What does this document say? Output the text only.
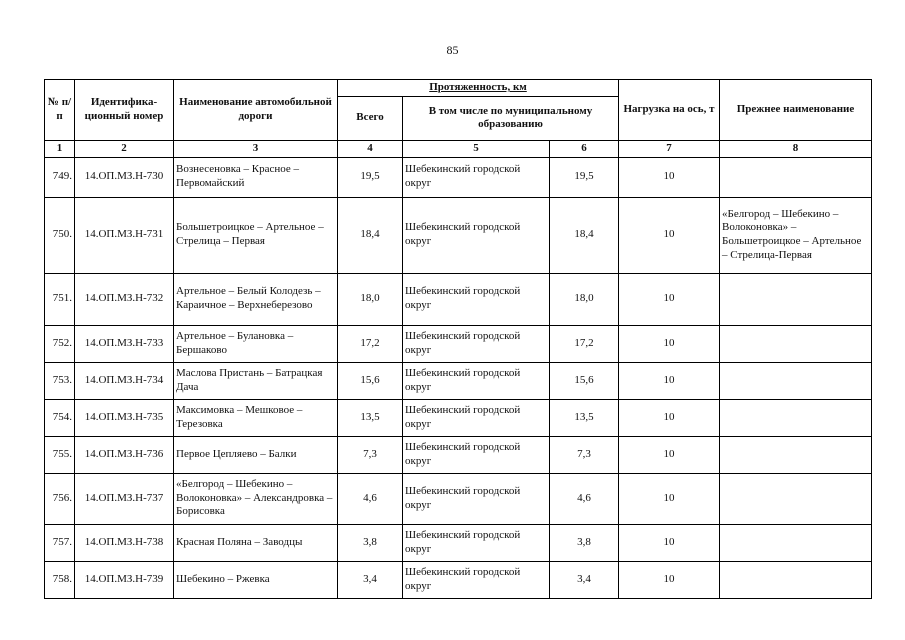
85
№ п/п	Идентифика- ционный номер	Наименование автомобильной дороги	Протяженность, км			Нагрузка на ось, т	Прежнее наименование
			Всего	В том числе по муниципальному образованию			
1	2	3	4	5	6	7	8
749.	14.ОП.МЗ.Н-730	Вознесеновка – Красное – Первомайский	19,5	Шебекинский городской округ	19,5	10	
750.	14.ОП.МЗ.Н-731	Большетроицкое – Артельное – Стрелица – Первая	18,4	Шебекинский городской округ	18,4	10	«Белгород – Шебекино – Волоконовка» – Большетроицкое – Артельное – Стрелица-Первая
751.	14.ОП.МЗ.Н-732	Артельное – Белый Колодезь – Караичное – Верхнеберезово	18,0	Шебекинский городской округ	18,0	10	
752.	14.ОП.МЗ.Н-733	Артельное – Булановка – Бершаково	17,2	Шебекинский городской округ	17,2	10	
753.	14.ОП.МЗ.Н-734	Маслова Пристань – Батрацкая Дача	15,6	Шебекинский городской округ	15,6	10	
754.	14.ОП.МЗ.Н-735	Максимовка – Мешковое – Терезовка	13,5	Шебекинский городской округ	13,5	10	
755.	14.ОП.МЗ.Н-736	Первое Цепляево – Балки	7,3	Шебекинский городской округ	7,3	10	
756.	14.ОП.МЗ.Н-737	«Белгород – Шебекино – Волоконовка» – Александровка – Борисовка	4,6	Шебекинский городской округ	4,6	10	
757.	14.ОП.МЗ.Н-738	Красная Поляна – Заводцы	3,8	Шебекинский городской округ	3,8	10	
758.	14.ОП.МЗ.Н-739	Шебекино – Ржевка	3,4	Шебекинский городской округ	3,4	10	
